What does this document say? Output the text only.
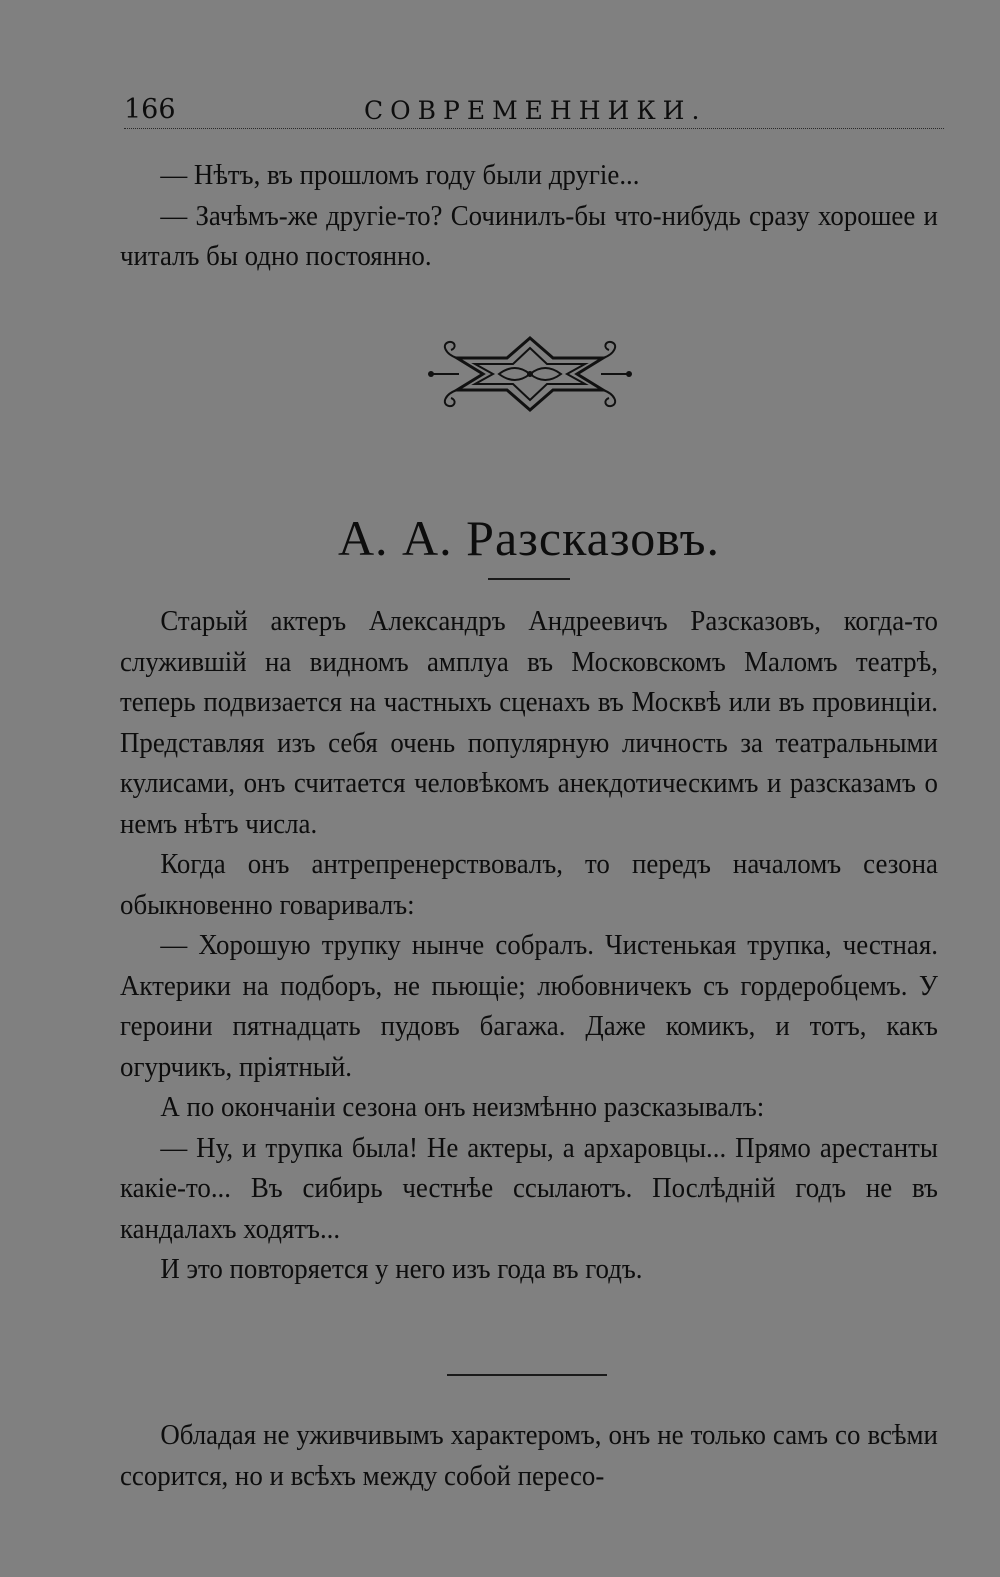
166	СОВРЕМЕННИКИ.

— Нѣтъ, въ прошломъ году были другіе...

— Зачѣмъ-же другіе-то? Сочинилъ-бы что-нибудь сразу хорошее и читалъ бы одно постоянно.

А. А. Разсказовъ.

Старый актеръ Александръ Андреевичъ Разсказовъ, когда-то служившій на видномъ амплуа въ Московскомъ Маломъ театрѣ, теперь подвизается на частныхъ сценахъ въ Москвѣ или въ провинціи. Представляя изъ себя очень популярную личность за театральными кулисами, онъ считается человѣкомъ анекдотическимъ и разсказамъ о немъ нѣтъ числа.

Когда онъ антрепренерствовалъ, то передъ началомъ сезона обыкновенно говаривалъ:

— Хорошую трупку нынче собралъ. Чистенькая трупка, честная. Актерики на подборъ, не пьющіе; любовничекъ съ гордеробцемъ. У героини пятнадцать пудовъ багажа. Даже комикъ, и тотъ, какъ огурчикъ, пріятный.

А по окончаніи сезона онъ неизмѣнно разсказывалъ:

— Ну, и трупка была! Не актеры, а архаровцы... Прямо арестанты какіе-то... Въ сибирь честнѣе ссылаютъ. Послѣдній годъ не въ кандалахъ ходятъ...

И это повторяется у него изъ года въ годъ.

Обладая не уживчивымъ характеромъ, онъ не только самъ со всѣми ссорится, но и всѣхъ между собой пересо-
